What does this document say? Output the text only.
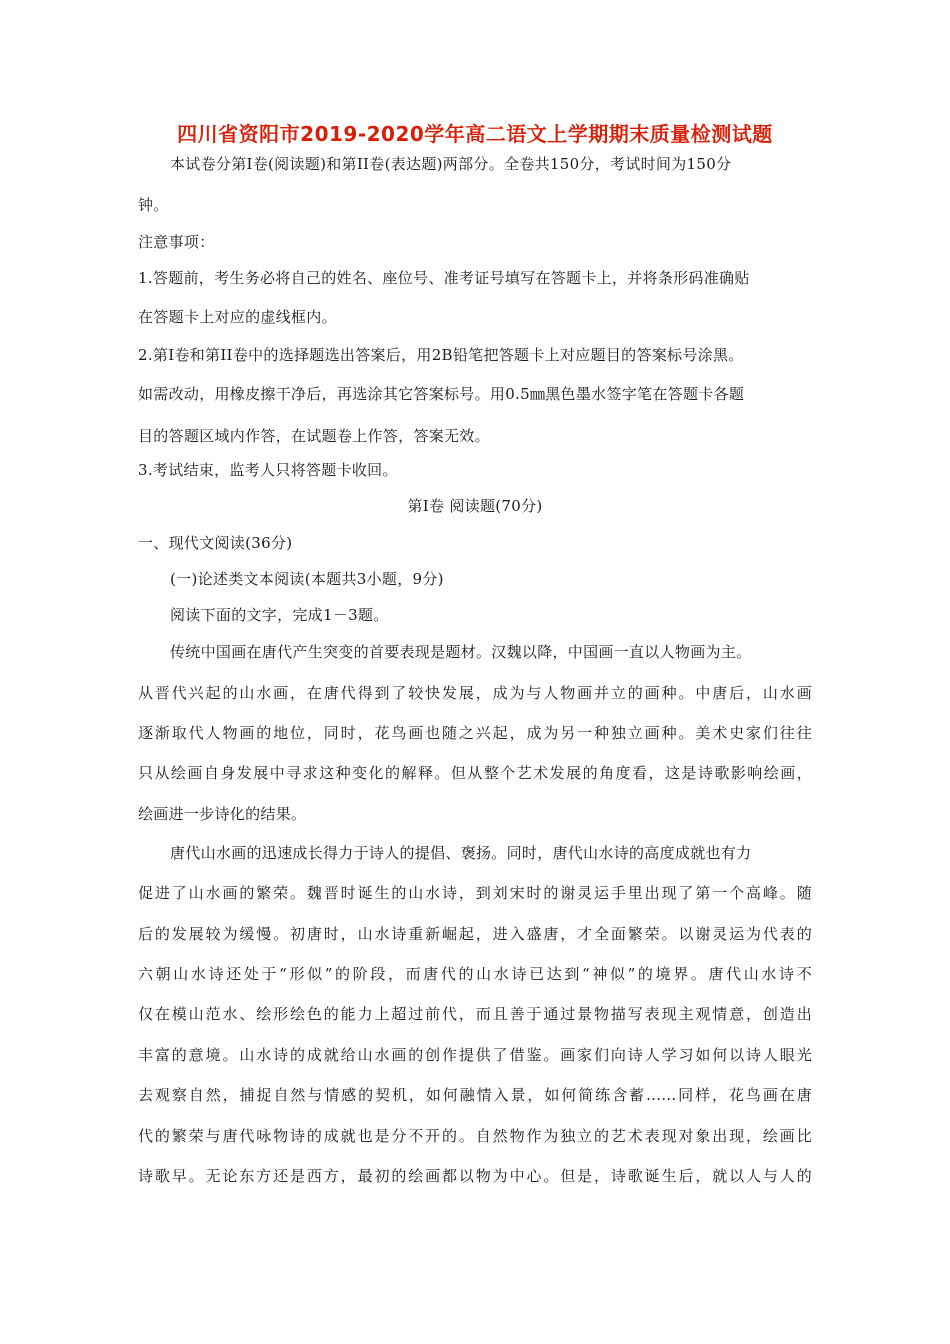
四川省资阳市2019-2020学年高二语文上学期期末质量检测试题
本试卷分第Ⅰ卷(阅读题)和第II卷(表达题)两部分。全卷共150分，考试时间为150分
钟。
注意事项：
1.答题前，考生务必将自己的姓名、座位号、准考证号填写在答题卡上，并将条形码准确贴
在答题卡上对应的虚线框内。
2.第Ⅰ卷和第II卷中的选择题选出答案后，用2B铅笔把答题卡上对应题目的答案标号涂黑。
如需改动，用橡皮擦干净后，再选涂其它答案标号。用0.5㎜黑色墨水签字笔在答题卡各题
目的答题区域内作答，在试题卷上作答，答案无效。
3.考试结束，监考人只将答题卡收回。
第Ⅰ卷 阅读题(70分)
一、现代文阅读(36分)
(一)论述类文本阅读(本题共3小题，9分)
阅读下面的文字，完成1－3题。
传统中国画在唐代产生突变的首要表现是题材。汉魏以降，中国画一直以人物画为主。
从晋代兴起的山水画，在唐代得到了较快发展，成为与人物画并立的画种。中唐后，山水画
逐渐取代人物画的地位，同时，花鸟画也随之兴起，成为另一种独立画种。美术史家们往往
只从绘画自身发展中寻求这种变化的解释。但从整个艺术发展的角度看，这是诗歌影响绘画，
绘画进一步诗化的结果。
唐代山水画的迅速成长得力于诗人的提倡、褒扬。同时，唐代山水诗的高度成就也有力
促进了山水画的繁荣。魏晋时诞生的山水诗，到刘宋时的谢灵运手里出现了第一个高峰。随
后的发展较为缓慢。初唐时，山水诗重新崛起，进入盛唐，才全面繁荣。以谢灵运为代表的
六朝山水诗还处于“形似”的阶段，而唐代的山水诗已达到“神似”的境界。唐代山水诗不
仅在模山范水、绘形绘色的能力上超过前代，而且善于通过景物描写表现主观情意，创造出
丰富的意境。山水诗的成就给山水画的创作提供了借鉴。画家们向诗人学习如何以诗人眼光
去观察自然，捕捉自然与情感的契机，如何融情入景，如何简练含蓄……同样，花鸟画在唐
代的繁荣与唐代咏物诗的成就也是分不开的。自然物作为独立的艺术表现对象出现，绘画比
诗歌早。无论东方还是西方，最初的绘画都以物为中心。但是，诗歌诞生后，就以人与人的
